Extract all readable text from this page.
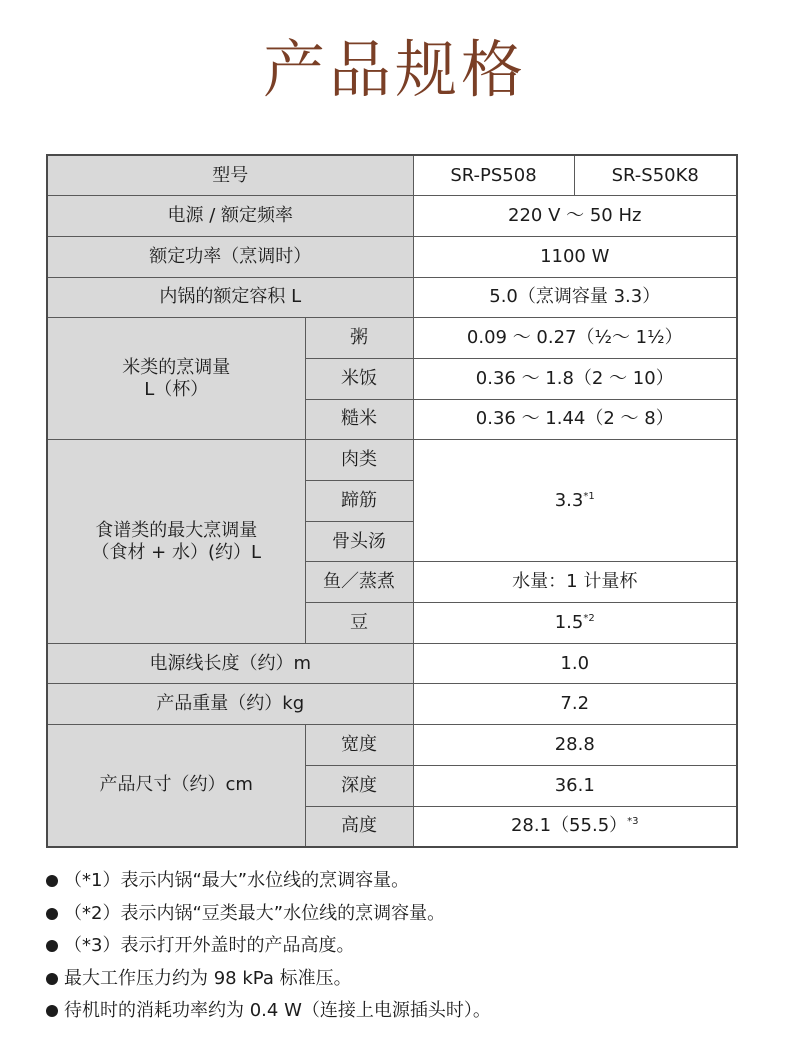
产品规格
型号		SR-PS508	SR-S50K8
电源 / 额定频率		220 V 〜 50 Hz	
额定功率（烹调时）		1100 W	
内锅的额定容积 L		5.0（烹调容量 3.3）	

米类的烹调量
L（杯）	粥	0.09 ～ 0.27（½～ 1½）	
	米饭	0.36 ～ 1.8（2 ～ 10）	
	糙米	0.36 ～ 1.44（2 ～ 8）	

食谱类的最大烹调量
（食材 + 水）(约）L	肉类	3.3$^{*1}$
	蹄筋		
	骨头汤		
	鱼／蒸煮	水量：1 计量杯	
	豆	1.5$^{*2}$
电源线长度（约）m		1.0	
产品重量（约）kg		7.2	
产品尺寸（约）cm	宽度	28.8	
	深度	36.1	
	高度	$28.1(55.5)^{*3}$
（*1）表示内锅“最大”水位线的烹调容量。
（*2）表示内锅“豆类最大”水位线的烹调容量。
（*3）表示打开外盖时的产品高度。
最大工作压力约为 98 kPa 标准压。
待机时的消耗功率约为 0.4 W（连接上电源插头时）。
